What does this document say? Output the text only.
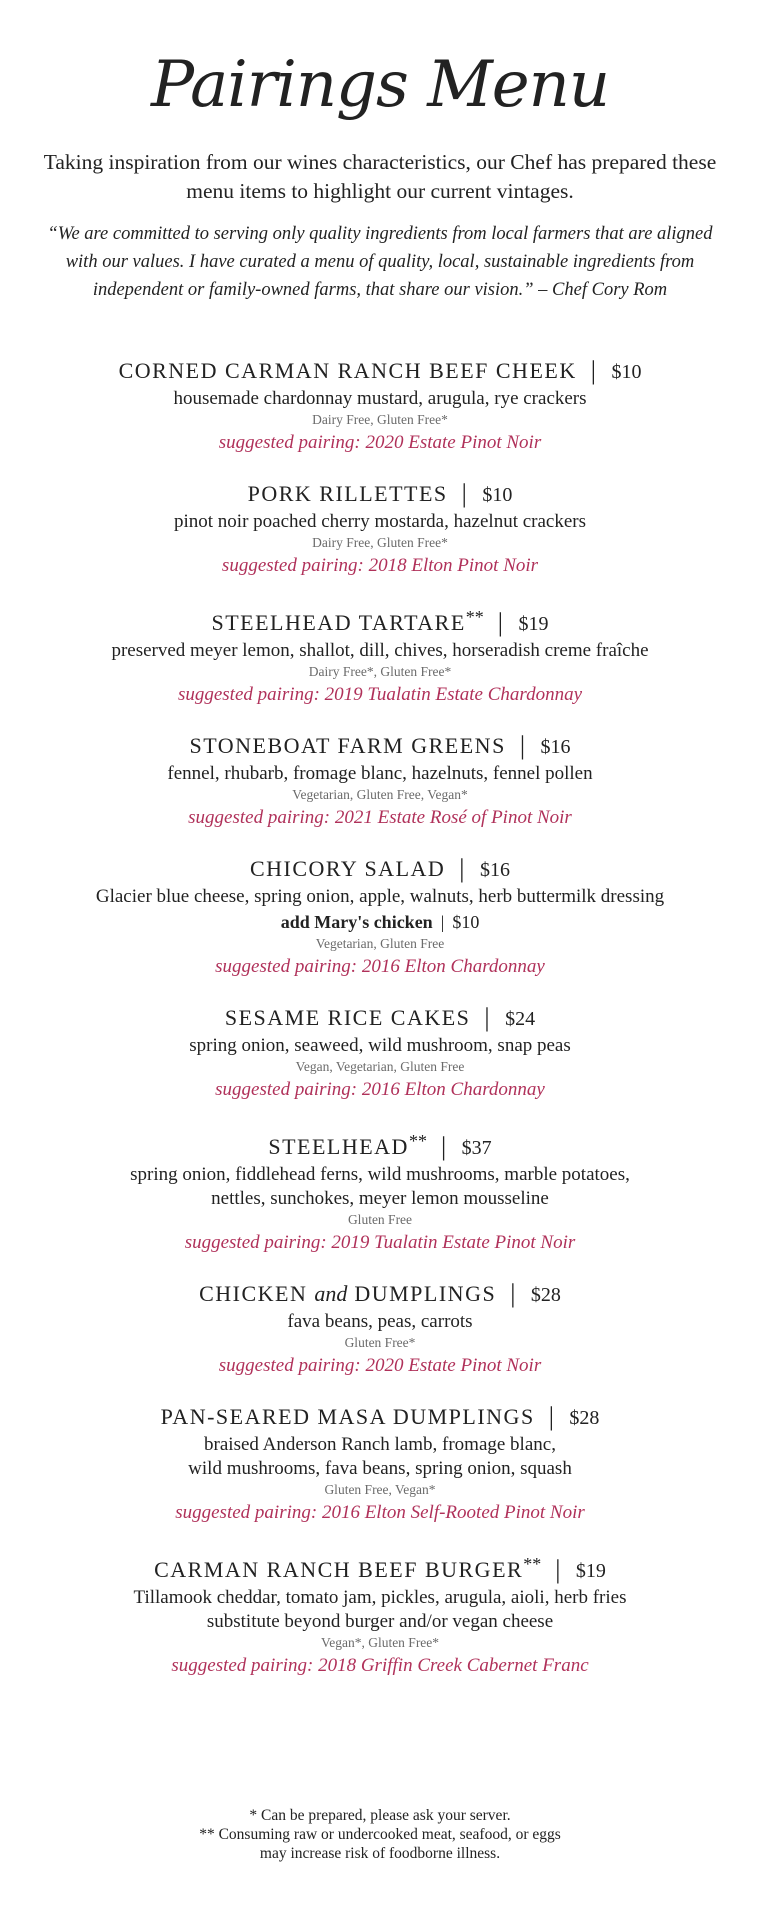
Pairings Menu
Taking inspiration from our wines characteristics, our Chef has prepared these menu items to highlight our current vintages.
“We are committed to serving only quality ingredients from local farmers that are aligned with our values. I have curated a menu of quality, local, sustainable ingredients from independent or family-owned farms, that share our vision.” – Chef Cory Rom
CORNED CARMAN RANCH BEEF CHEEK | $10
housemade chardonnay mustard, arugula, rye crackers
Dairy Free, Gluten Free*
suggested pairing: 2020 Estate Pinot Noir
PORK RILLETTES | $10
pinot noir poached cherry mostarda, hazelnut crackers
Dairy Free, Gluten Free*
suggested pairing: 2018 Elton Pinot Noir
STEELHEAD TARTARE** | $19
preserved meyer lemon, shallot, dill, chives, horseradish creme fraîche
Dairy Free*, Gluten Free*
suggested pairing: 2019 Tualatin Estate Chardonnay
STONEBOAT FARM GREENS | $16
fennel, rhubarb, fromage blanc, hazelnuts, fennel pollen
Vegetarian, Gluten Free, Vegan*
suggested pairing: 2021 Estate Rosé of Pinot Noir
CHICORY SALAD | $16
Glacier blue cheese, spring onion, apple, walnuts, herb buttermilk dressing
add Mary's chicken | $10
Vegetarian, Gluten Free
suggested pairing: 2016 Elton Chardonnay
SESAME RICE CAKES | $24
spring onion, seaweed, wild mushroom, snap peas
Vegan, Vegetarian, Gluten Free
suggested pairing: 2016 Elton Chardonnay
STEELHEAD** | $37
spring onion, fiddlehead ferns, wild mushrooms, marble potatoes,
nettles, sunchokes, meyer lemon mousseline
Gluten Free
suggested pairing: 2019 Tualatin Estate Pinot Noir
CHICKEN and DUMPLINGS | $28
fava beans, peas, carrots
Gluten Free*
suggested pairing: 2020 Estate Pinot Noir
PAN-SEARED MASA DUMPLINGS | $28
braised Anderson Ranch lamb, fromage blanc,
wild mushrooms, fava beans, spring onion, squash
Gluten Free, Vegan*
suggested pairing: 2016 Elton Self-Rooted Pinot Noir
CARMAN RANCH BEEF BURGER** | $19
Tillamook cheddar, tomato jam, pickles, arugula, aioli, herb fries
substitute beyond burger and/or vegan cheese
Vegan*, Gluten Free*
suggested pairing: 2018 Griffin Creek Cabernet Franc
* Can be prepared, please ask your server.
** Consuming raw or undercooked meat, seafood, or eggs
may increase risk of foodborne illness.
